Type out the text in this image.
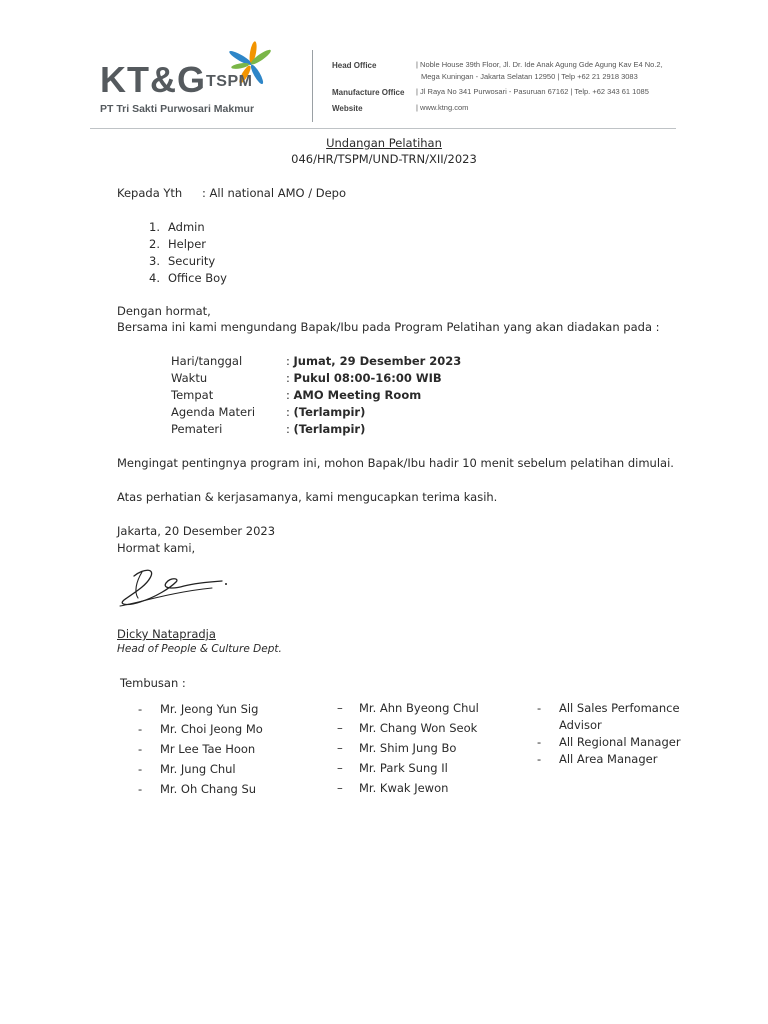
KT&G TSPM
PT Tri Sakti Purwosari Makmur
Head Office	| Noble House 39th Floor, Jl. Dr. Ide Anak Agung Gde Agung Kav E4 No.2,
Mega Kuningan - Jakarta Selatan 12950 | Telp +62 21 2918 3083
Manufacture Office | Jl Raya No 341 Purwosari - Pasuruan 67162 | Telp. +62 343 61 1085
Website	| www.ktng.com
Undangan Pelatihan
046/HR/TSPM/UND-TRN/XII/2023
Kepada Yth : All national AMO / Depo
1. Admin
2. Helper
3. Security
4. Office Boy
Dengan hormat,
Bersama ini kami mengundang Bapak/Ibu pada Program Pelatihan yang akan diadakan pada :
Hari/tanggal	: Jumat, 29 Desember 2023
Waktu	: Pukul 08:00-16:00 WIB
Tempat	: AMO Meeting Room
Agenda Materi	: (Terlampir)
Pemateri	: (Terlampir)
Mengingat pentingnya program ini, mohon Bapak/Ibu hadir 10 menit sebelum pelatihan dimulai.
Atas perhatian & kerjasamanya, kami mengucapkan terima kasih.
Jakarta, 20 Desember 2023
Hormat kami,
Dicky Natapradja
Head of People & Culture Dept.
Tembusan :
- Mr. Jeong Yun Sig
- Mr. Choi Jeong Mo
- Mr Lee Tae Hoon
- Mr. Jung Chul
- Mr. Oh Chang Su
– Mr. Ahn Byeong Chul
– Mr. Chang Won Seok
– Mr. Shim Jung Bo
– Mr. Park Sung Il
– Mr. Kwak Jewon
- All Sales Perfomance Advisor
- All Regional Manager
- All Area Manager
